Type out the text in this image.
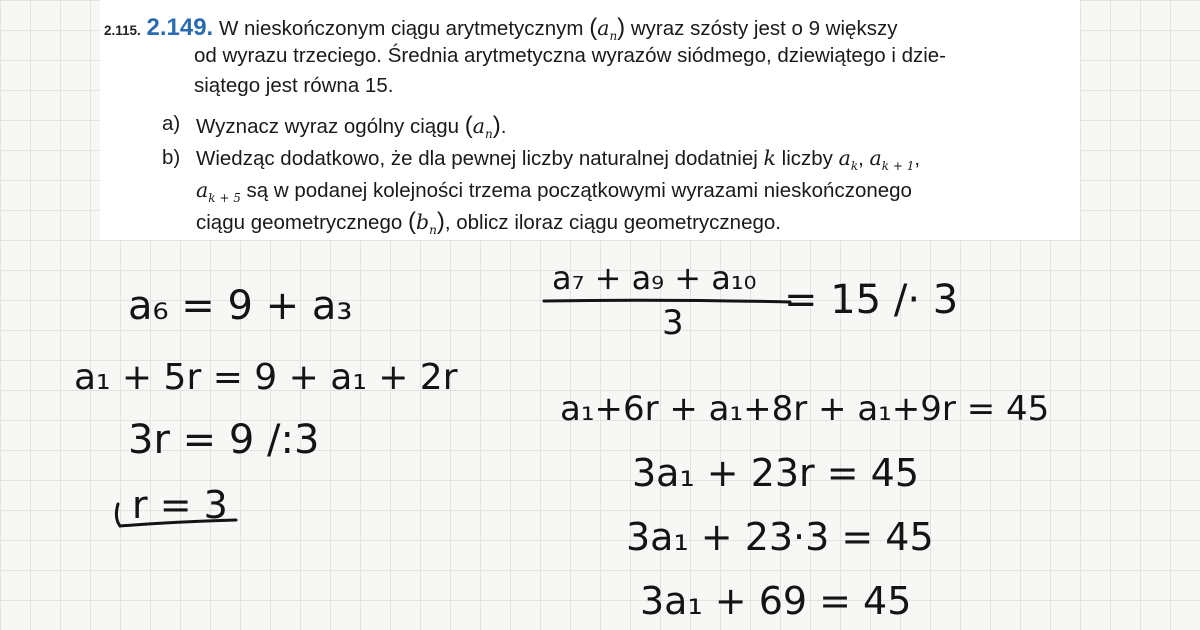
2.115. 2.149. W nieskończonym ciągu arytmetycznym $(a_n)$ wyraz szósty jest o 9 większy
od wyrazu trzeciego. Średnia arytmetyczna wyrazów siódmego, dziewiątego i dzie-
siątego jest równa 15.
a) Wyznacz wyraz ogólny ciągu $(a_n)$.
b) Wiedząc dodatkowo, że dla pewnej liczby naturalnej dodatniej k liczby $a_k$, $a_{k + 1}$,
$a_{k + 5}$ są w podanej kolejności trzema początkowymi wyrazami nieskończonego
ciągu geometrycznego $(b_n)$, oblicz iloraz ciągu geometrycznego.
a₆ = 9 + a₃
a₁ + 5r = 9 + a₁ + 2r
3r = 9 /:3
r = 3
a₇ + a₉ + a₁₀
3	= 15 /· 3
a₁+6r + a₁+8r + a₁+9r = 45
3a₁ + 23r = 45
3a₁ + 23·3 = 45
3a₁ + 69 = 45
